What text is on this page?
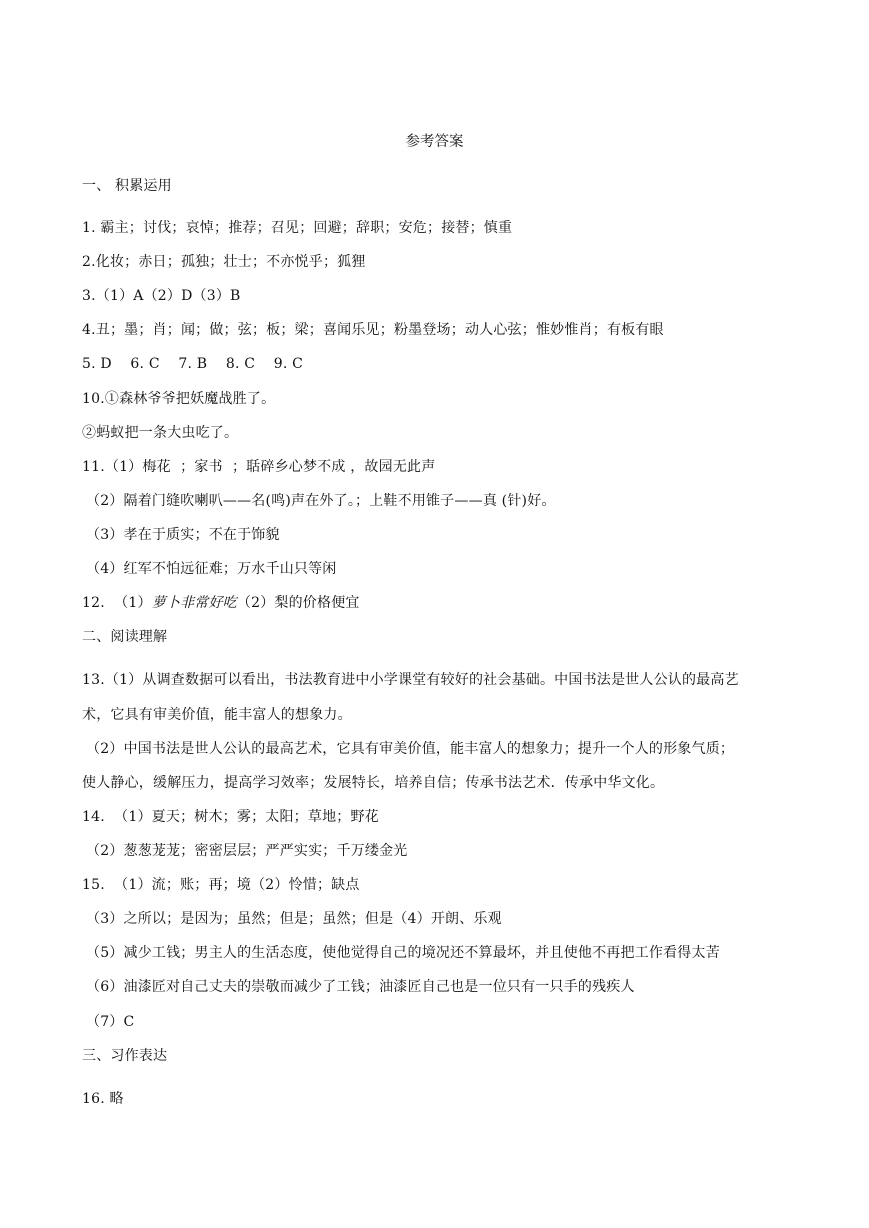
参考答案
一、 积累运用
1. 霸主；讨伐；哀悼；推荐；召见；回避；辞职；安危；接替；慎重
2.化妆；赤日；孤独；壮士；不亦悦乎；狐狸
3.（1）A（2）D（3）B
4.丑；墨；肖；闻；做；弦；板；梁；喜闻乐见；粉墨登场；动人心弦；惟妙惟肖；有板有眼
5. D    6. C    7. B    8. C    9. C
10.①森林爷爷把妖魔战胜了。
②蚂蚁把一条大虫吃了。
11.（1）梅花  ；家书  ；聒碎乡心梦不成 ，故园无此声
（2）隔着门缝吹喇叭——名(鸣)声在外了。；上鞋不用锥子——真 (针)好。
（3）孝在于质实；不在于饰貌
（4）红军不怕远征难；万水千山只等闲
12.  （1）萝卜非常好吃（2）梨的价格便宜
二、阅读理解
13.（1）从调查数据可以看出，书法教育进中小学课堂有较好的社会基础。中国书法是世人公认的最高艺
术，它具有审美价值，能丰富人的想象力。
（2）中国书法是世人公认的最高艺术，它具有审美价值，能丰富人的想象力；提升一个人的形象气质；
使人静心，缓解压力，提高学习效率；发展特长，培养自信；传承书法艺术．传承中华文化。
14.  （1）夏天；树木；雾；太阳；草地；野花
（2）葱葱茏茏；密密层层；严严实实；千万缕金光
15.  （1）流；账；再；境（2）怜惜；缺点
（3）之所以；是因为；虽然；但是；虽然；但是（4）开朗、乐观
（5）减少工钱；男主人的生活态度，使他觉得自己的境况还不算最坏，并且使他不再把工作看得太苦
（6）油漆匠对自己丈夫的崇敬而减少了工钱；油漆匠自己也是一位只有一只手的残疾人
（7）C
三、习作表达
16. 略
